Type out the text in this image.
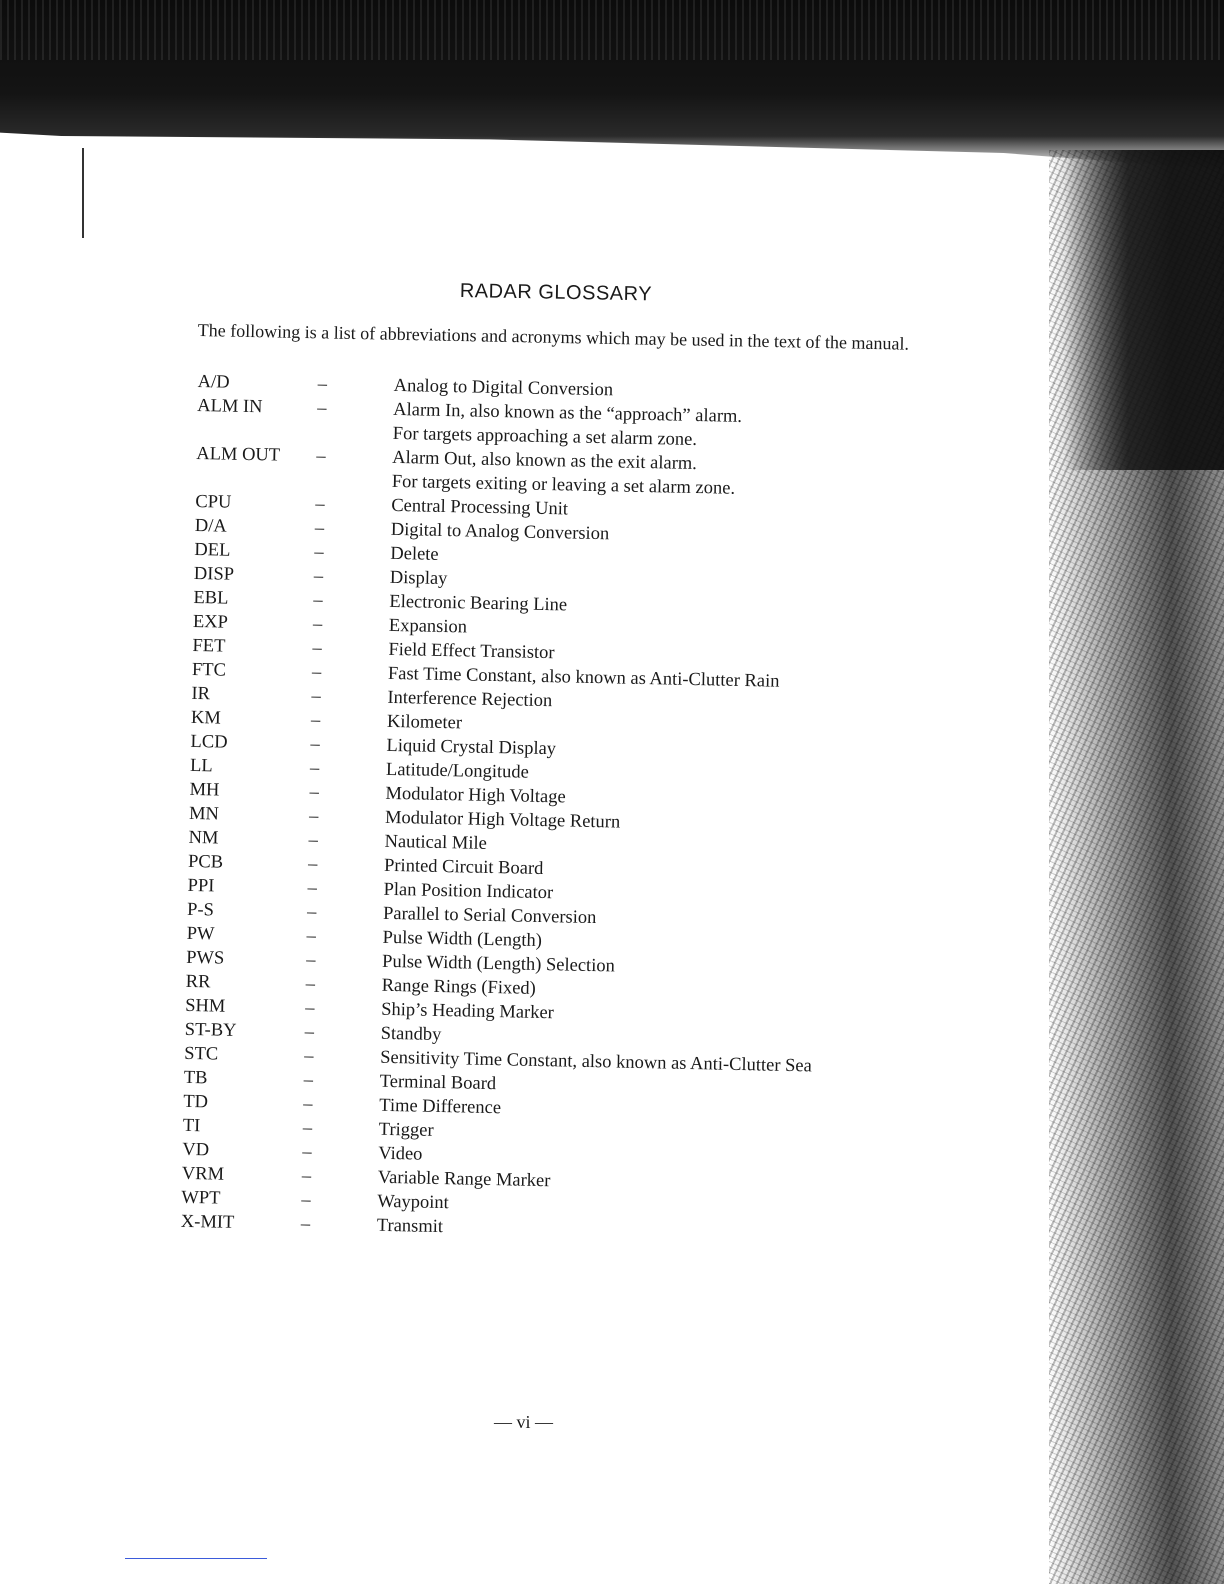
RADAR GLOSSARY
The following is a list of abbreviations and acronyms which may be used in the text of the manual.
A/D	–	Analog to Digital Conversion
ALM IN	–	Alarm In, also known as the “approach” alarm.
For targets approaching a set alarm zone.
ALM OUT	–	Alarm Out, also known as the exit alarm.
For targets exiting or leaving a set alarm zone.
CPU	–	Central Processing Unit
D/A	–	Digital to Analog Conversion
DEL	–	Delete
DISP	–	Display
EBL	–	Electronic Bearing Line
EXP	–	Expansion
FET	–	Field Effect Transistor
FTC	–	Fast Time Constant, also known as Anti-Clutter Rain
IR	–	Interference Rejection
KM	–	Kilometer
LCD	–	Liquid Crystal Display
LL	–	Latitude/Longitude
MH	–	Modulator High Voltage
MN	–	Modulator High Voltage Return
NM	–	Nautical Mile
PCB	–	Printed Circuit Board
PPI	–	Plan Position Indicator
P-S	–	Parallel to Serial Conversion
PW	–	Pulse Width (Length)
PWS	–	Pulse Width (Length) Selection
RR	–	Range Rings (Fixed)
SHM	–	Ship’s Heading Marker
ST-BY	–	Standby
STC	–	Sensitivity Time Constant, also known as Anti-Clutter Sea
TB	–	Terminal Board
TD	–	Time Difference
TI	–	Trigger
VD	–	Video
VRM	–	Variable Range Marker
WPT	–	Waypoint
X-MIT	–	Transmit
— vi —
